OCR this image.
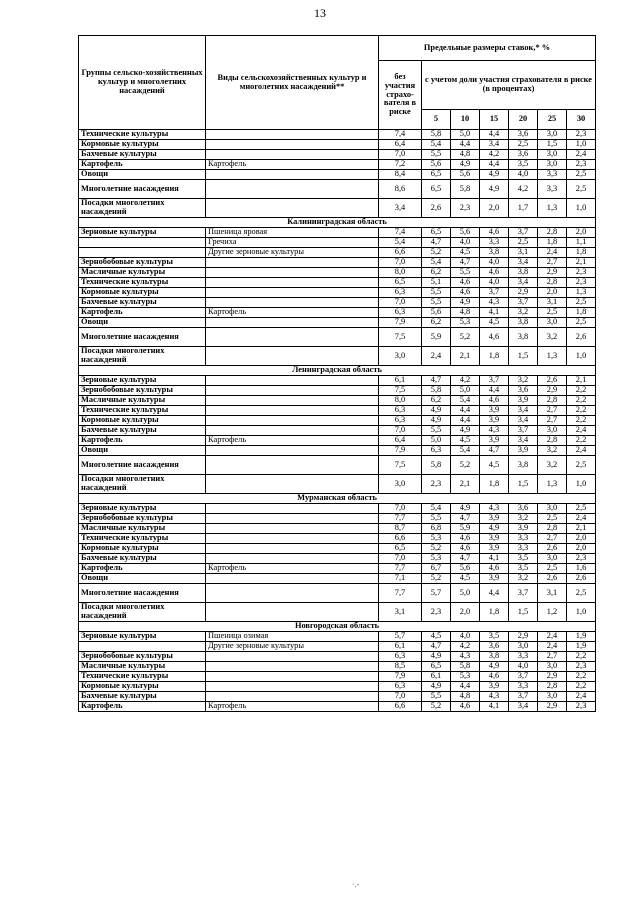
13
Группы сельско-хозяйственных культур и многолетних насаждений	Виды сельскохозяйственных культур и многолетних насаждений**	Предельные размеры ставок,* %						
		без участия страхо-вателя в риске	с учетом доли участия страхователя в риске (в процентах)					
			5	10	15	20	25	30
Технические культуры		7,4	5,8	5,0	4,4	3,6	3,0	2,3
Кормовые культуры		6,4	5,4	4,4	3,4	2,5	1,5	1,0
Бахчевые культуры		7,0	5,5	4,8	4,2	3,6	3,0	2,4
Картофель	Картофель	7,2	5,6	4,9	4,4	3,5	3,0	2,3
Овощи		8,4	6,5	5,6	4,9	4,0	3,3	2,5
Многолетние насаждения		8,6	6,5	5,8	4,9	4,2	3,3	2,5
Посадки многолетних насаждений		3,4	2,6	2,3	2,0	1,7	1,3	1,0
Калининградская область								
Зерновые культуры	Пшеница яровая	7,4	6,5	5,6	4,6	3,7	2,8	2,0
	Гречиха	5,4	4,7	4,0	3,3	2,5	1,8	1,1
	Другие зерновые культуры	6,6	5,2	4,5	3,8	3,1	2,4	1,8
Зернобобовые культуры		7,0	5,4	4,7	4,0	3,4	2,7	2,1
Масличные культуры		8,0	6,2	5,5	4,6	3,8	2,9	2,3
Технические культуры		6,5	5,1	4,6	4,0	3,4	2,8	2,3
Кормовые культуры		6,3	5,5	4,6	3,7	2,9	2,0	1,3
Бахчевые культуры		7,0	5,5	4,9	4,3	3,7	3,1	2,5
Картофель	Картофель	6,3	5,6	4,8	4,1	3,2	2,5	1,8
Овощи		7,9	6,2	5,3	4,5	3,8	3,0	2,5
Многолетние насаждения		7,5	5,9	5,2	4,6	3,8	3,2	2,6
Посадки многолетних насаждений		3,0	2,4	2,1	1,8	1,5	1,3	1,0
Ленинградская область								
Зерновые культуры		6,1	4,7	4,2	3,7	3,2	2,6	2,1
Зернобобовые культуры		7,5	5,8	5,0	4,4	3,6	2,9	2,2
Масличные культуры		8,0	6,2	5,4	4,6	3,9	2,8	2,2
Технические культуры		6,3	4,9	4,4	3,9	3,4	2,7	2,2
Кормовые культуры		6,3	4,9	4,4	3,9	3,4	2,7	2,2
Бахчевые культуры		7,0	5,5	4,9	4,3	3,7	3,0	2,4
Картофель	Картофель	6,4	5,0	4,5	3,9	3,4	2,8	2,2
Овощи		7,9	6,3	5,4	4,7	3,9	3,2	2,4
Многолетние насаждения		7,5	5,8	5,2	4,5	3,8	3,2	2,5
Посадки многолетних насаждений		3,0	2,3	2,1	1,8	1,5	1,3	1,0
Мурманская область								
Зерновые культуры		7,0	5,4	4,9	4,3	3,6	3,0	2,5
Зернобобовые культуры		7,7	5,5	4,7	3,9	3,2	2,5	2,4
Масличные культуры		8,7	6,8	5,9	4,9	3,9	2,8	2,1
Технические культуры		6,6	5,3	4,6	3,9	3,3	2,7	2,0
Кормовые культуры		6,5	5,2	4,6	3,9	3,3	2,6	2,0
Бахчевые культуры		7,0	5,3	4,7	4,1	3,5	3,0	2,3
Картофель	Картофель	7,7	6,7	5,6	4,6	3,5	2,5	1,6
Овощи		7,1	5,2	4,5	3,9	3,2	2,6	2,6
Многолетние насаждения		7,7	5,7	5,0	4,4	3,7	3,1	2,5
Посадки многолетних насаждений		3,1	2,3	2,0	1,8	1,5	1,2	1,0
Новгородская область								
Зерновые культуры	Пшеница озимая	5,7	4,5	4,0	3,5	2,9	2,4	1,9
	Другие зерновые культуры	6,1	4,7	4,2	3,6	3,0	2,4	1,9
Зернобобовые культуры		6,3	4,9	4,3	3,8	3,3	2,7	2,2
Масличные культуры		8,5	6,5	5,8	4,9	4,0	3,0	2,3
Технические культуры		7,9	6,1	5,3	4,6	3,7	2,9	2,2
Кормовые культуры		6,3	4,9	4,4	3,9	3,3	2,8	2,2
Бахчевые культуры		7,0	5,5	4,8	4,3	3,7	3,0	2,4
Картофель	Картофель	6,6	5,2	4,6	4,1	3,4	2,9	2,3
·.-
